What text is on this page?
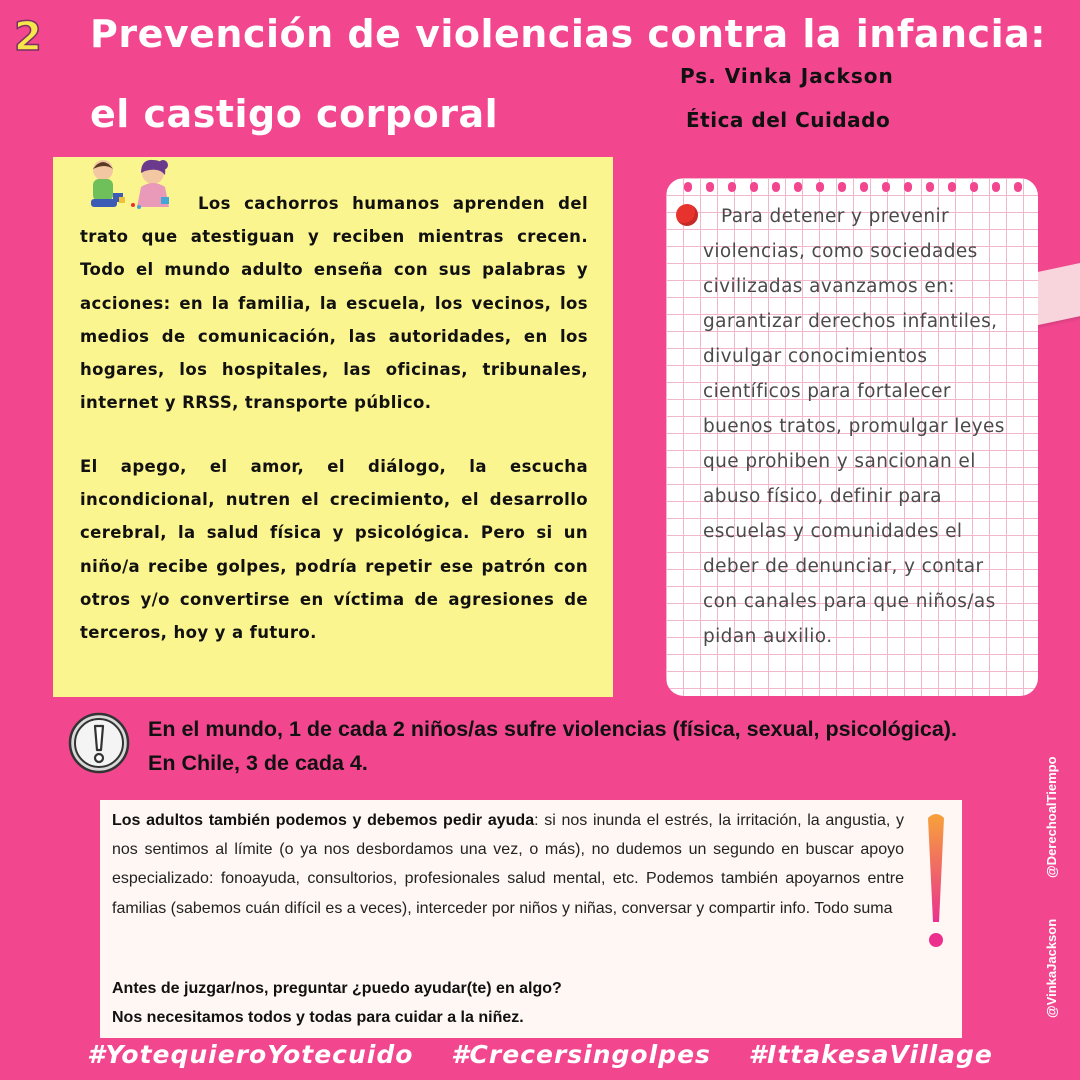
2 Prevención de violencias contra la infancia:
el castigo corporal
Ps. Vinka Jackson
Ética del Cuidado

Los cachorros humanos aprenden del trato que atestiguan y reciben mientras crecen. Todo el mundo adulto enseña con sus palabras y acciones: en la familia, la escuela, los vecinos, los medios de comunicación, las autoridades, en los hogares, los hospitales, las oficinas, tribunales, internet y RRSS, transporte público.

El apego, el amor, el diálogo, la escucha incondicional, nutren el crecimiento, el desarrollo cerebral, la salud física y psicológica. Pero si un niño/a recibe golpes, podría repetir ese patrón con otros y/o convertirse en víctima de agresiones de terceros, hoy y a futuro.

Para detener y prevenir violencias, como sociedades civilizadas avanzamos en: garantizar derechos infantiles, divulgar conocimientos científicos para fortalecer buenos tratos, promulgar leyes que prohiben y sancionan el abuso físico, definir para escuelas y comunidades el deber de denunciar, y contar con canales para que niños/as pidan auxilio.
En el mundo, 1 de cada 2 niños/as sufre violencias (física, sexual, psicológica). En Chile, 3 de cada 4.

Los adultos también podemos y debemos pedir ayuda: si nos inunda el estrés, la irritación, la angustia, y nos sentimos al límite (o ya nos desbordamos una vez, o más), no dudemos un segundo en buscar apoyo especializado: fonoayuda, consultorios, profesionales salud mental, etc. Podemos también apoyarnos entre familias (sabemos cuán difícil es a veces), interceder por niños y niñas, conversar y compartir info. Todo suma

Antes de juzgar/nos, preguntar ¿puedo ayudar(te) en algo?
Nos necesitamos todos y todas para cuidar a la niñez.
@DerechoalTiempo
@VinkaJackson
#YotequieroYotecuido #Crecersingolpes #IttakesaVillage
